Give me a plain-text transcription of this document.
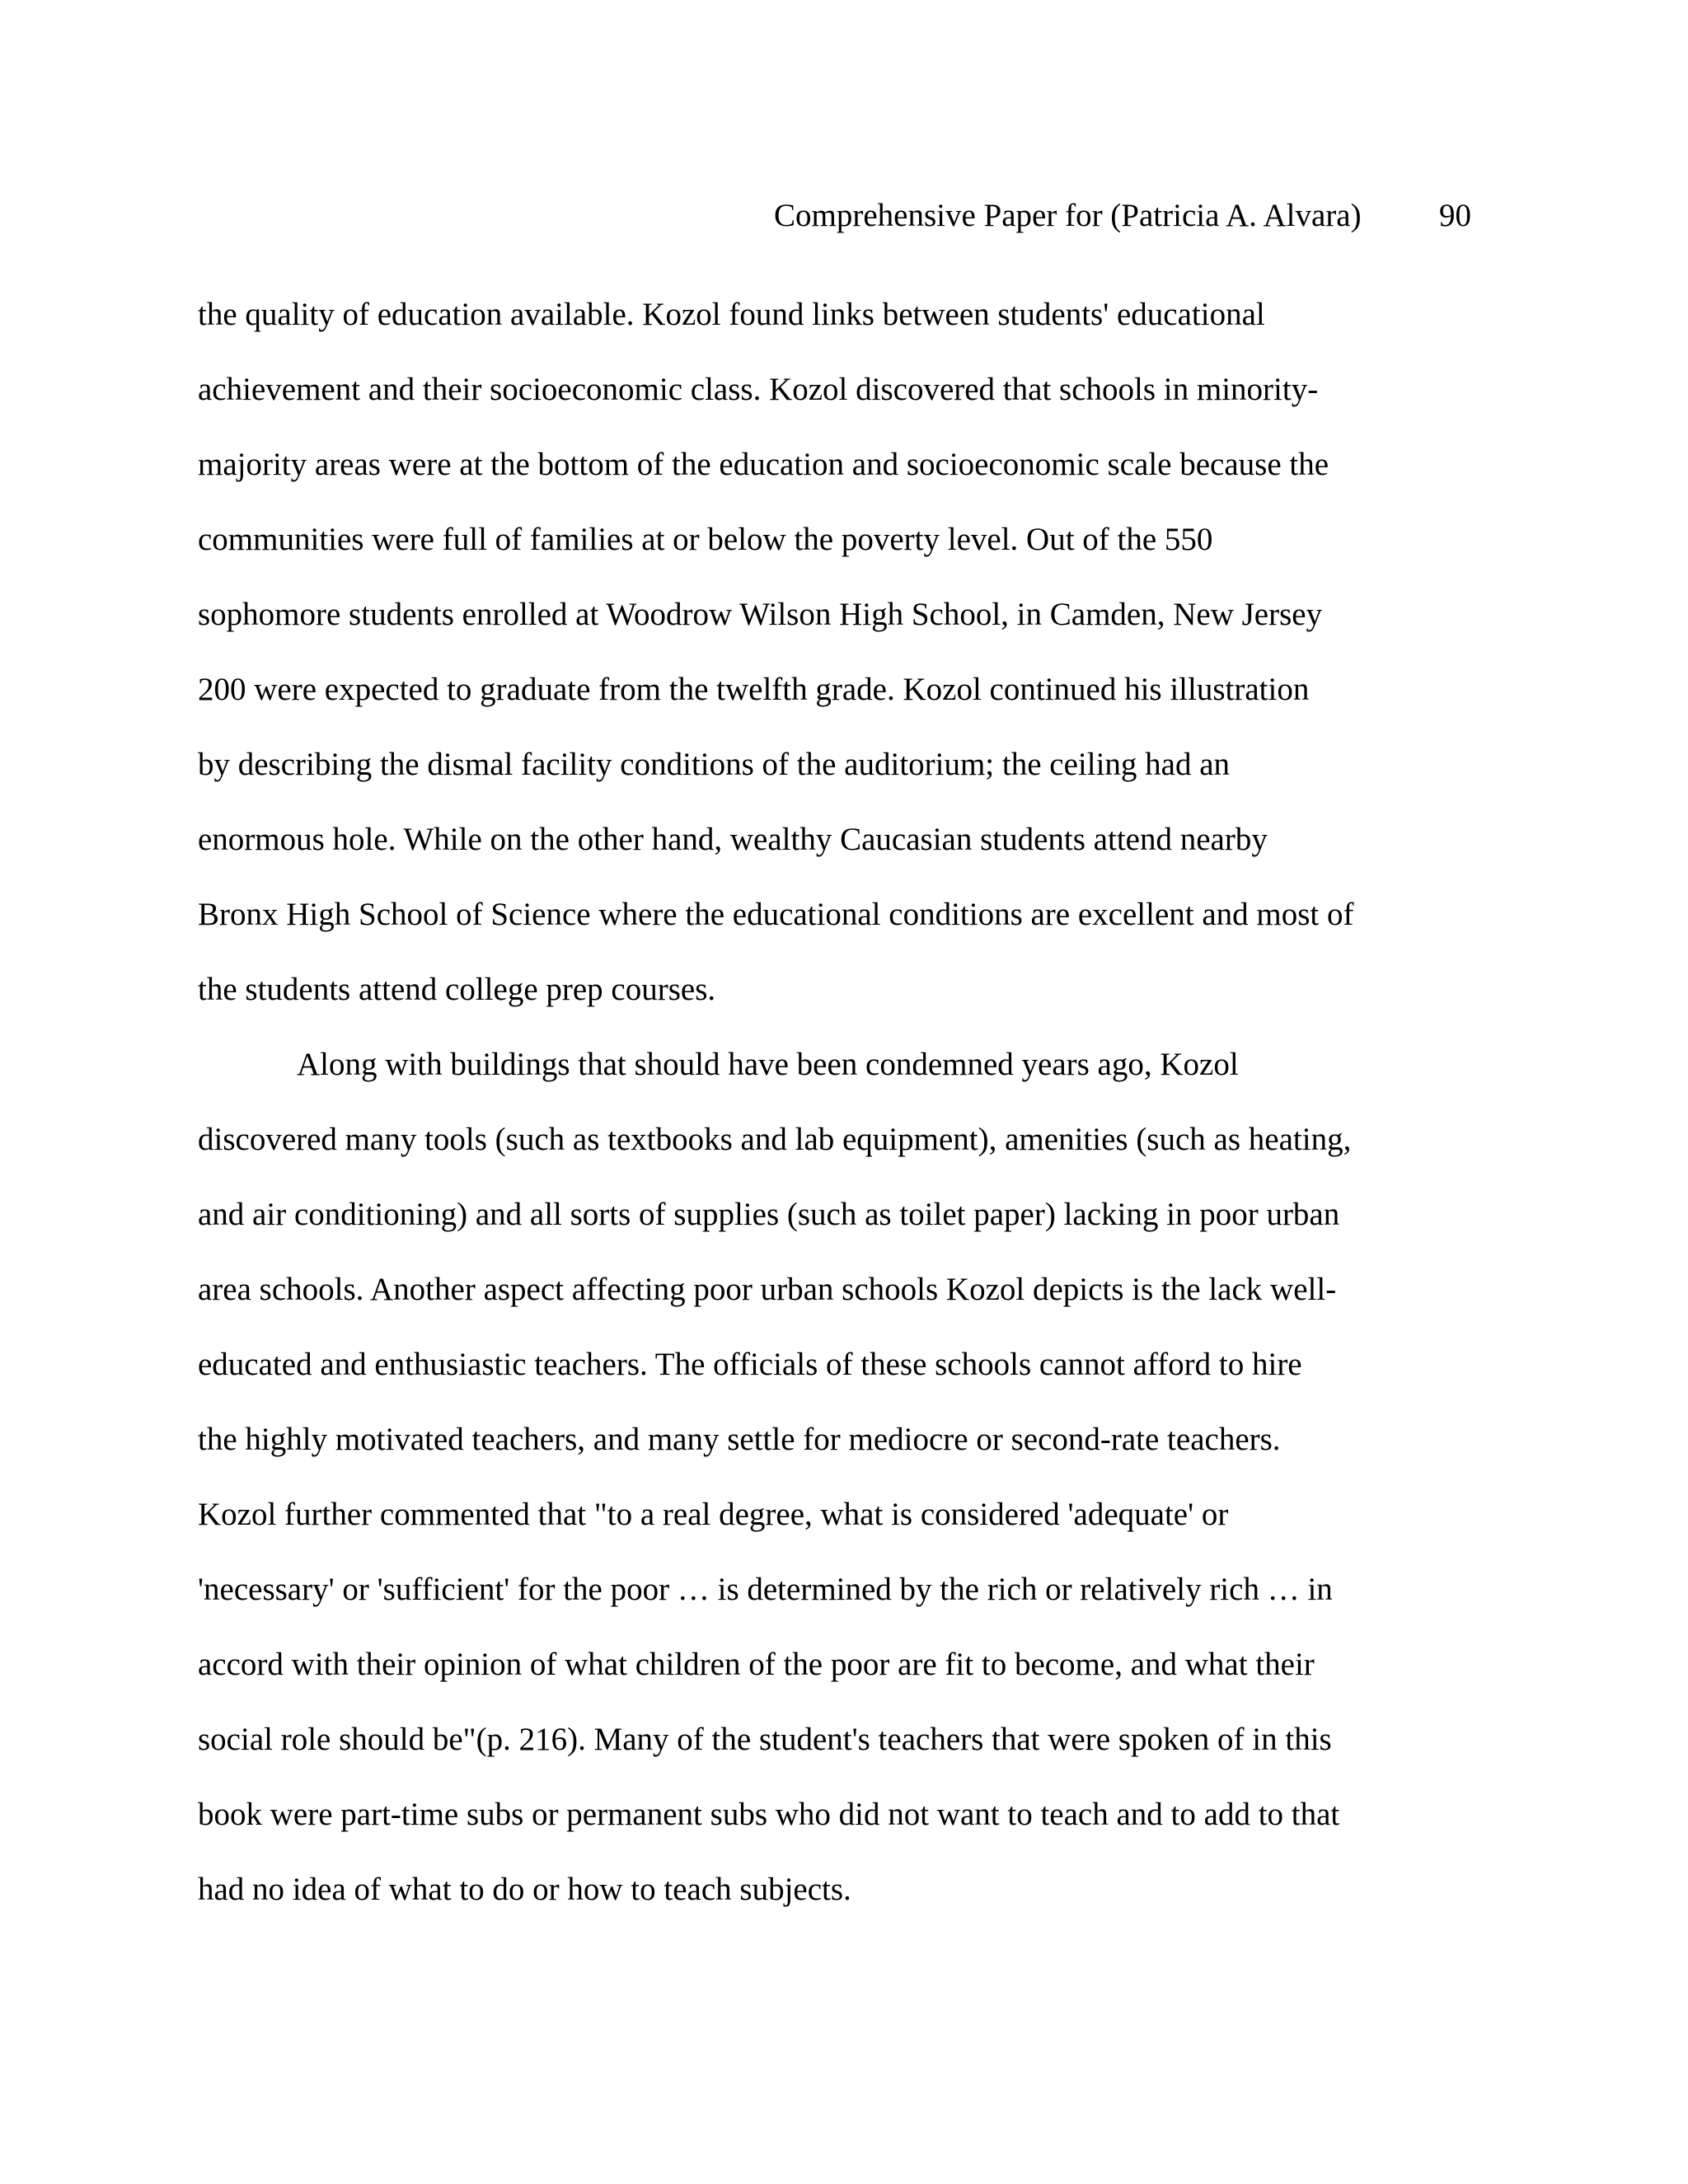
Comprehensive Paper for (Patricia A. Alvara) 90
the quality of education available. Kozol found links between students' educational
achievement and their socioeconomic class. Kozol discovered that schools in minority-
majority areas were at the bottom of the education and socioeconomic scale because the
communities were full of families at or below the poverty level. Out of the 550
sophomore students enrolled at Woodrow Wilson High School, in Camden, New Jersey
200 were expected to graduate from the twelfth grade. Kozol continued his illustration
by describing the dismal facility conditions of the auditorium; the ceiling had an
enormous hole. While on the other hand, wealthy Caucasian students attend nearby
Bronx High School of Science where the educational conditions are excellent and most of
the students attend college prep courses.
Along with buildings that should have been condemned years ago, Kozol
discovered many tools (such as textbooks and lab equipment), amenities (such as heating,
and air conditioning) and all sorts of supplies (such as toilet paper) lacking in poor urban
area schools. Another aspect affecting poor urban schools Kozol depicts is the lack well-
educated and enthusiastic teachers. The officials of these schools cannot afford to hire
the highly motivated teachers, and many settle for mediocre or second-rate teachers.
Kozol further commented that "to a real degree, what is considered 'adequate' or
'necessary' or 'sufficient' for the poor … is determined by the rich or relatively rich … in
accord with their opinion of what children of the poor are fit to become, and what their
social role should be"(p. 216). Many of the student's teachers that were spoken of in this
book were part-time subs or permanent subs who did not want to teach and to add to that
had no idea of what to do or how to teach subjects.
